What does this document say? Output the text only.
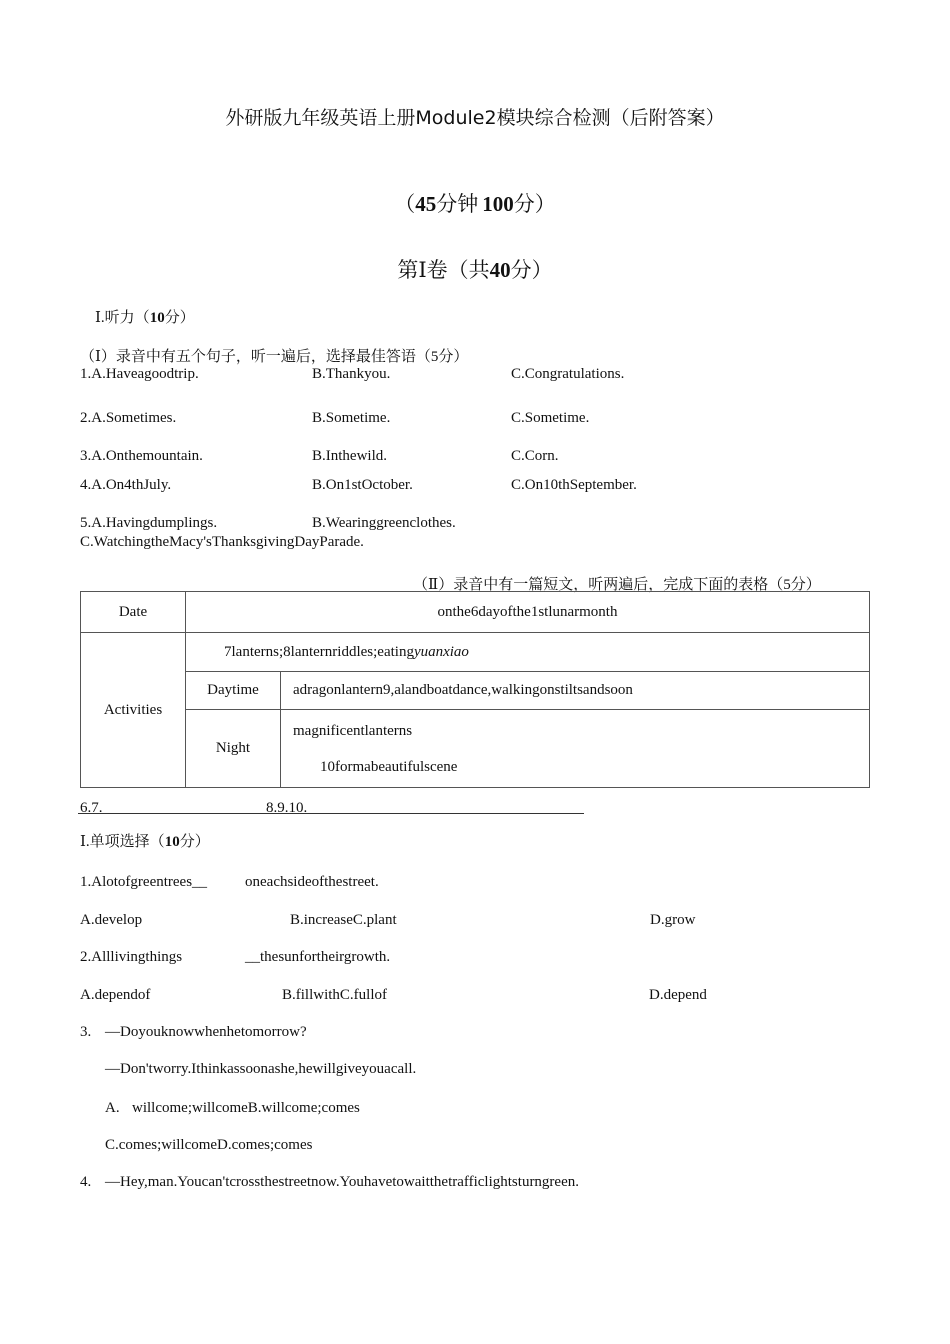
外研版九年级英语上册Module2模块综合检测（后附答案）
（45分钟 100分）
第Ⅰ卷（共40分）
Ⅰ.听力（10分）
（Ⅰ）录音中有五个句子，听一遍后，选择最佳答语（5分）
1.A.Haveagoodtrip.	B.Thankyou.	C.Congratulations.
2.A.Sometimes.	B.Sometime.	C.Sometime.
3.A.Onthemountain.	B.Inthewild.	C.Corn.
4.A.On4thJuly.	B.On1stOctober.	C.On10thSeptember.
5.A.Havingdumplings.	B.Wearinggreenclothes.
C.WatchingtheMacy'sThanksgivingDayParade.
（Ⅱ）录音中有一篇短文，听两遍后，完成下面的表格（5分）
Date	onthe6dayofthe1stlunarmonth	
Activities	7lanterns;8lanternriddles;eatingyuanxiao	
	Daytime	adragonlantern9,alandboatdance,walkingonstiltsandsoon
	Night	magnificentlanterns
10formabeautifulscene
6.7.	8.9.10.
Ⅰ.单项选择（10分）
1.Alotofgreentrees__	oneachsideofthestreet.
A.develop	B.increaseC.plant	D.grow
2.Alllivingthings	__thesunfortheirgrowth.
A.dependof	B.fillwithC.fullof	D.depend
3. —Doyouknowwhenhetomorrow?
—Don'tworry.Ithinkassoonashe,hewillgiveyouacall.
A. willcome;willcomeB.willcome;comes
C.comes;willcomeD.comes;comes
4. —Hey,man.Youcan'tcrossthestreetnow.Youhavetowaitthetrafficlightsturngreen.
